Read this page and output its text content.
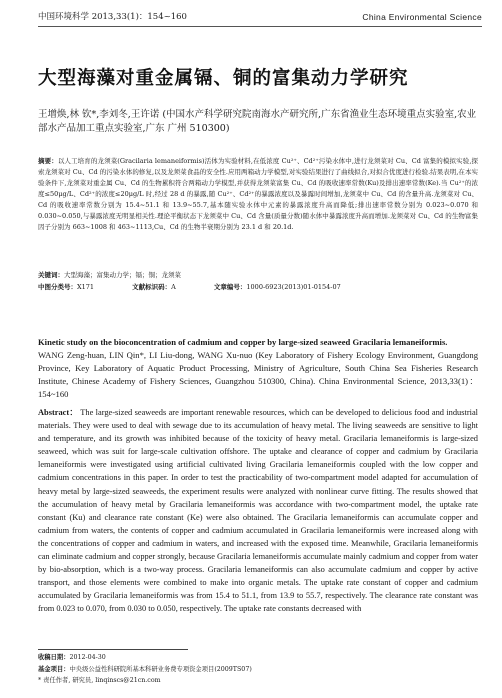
中国环境科学 2013,33(1)：154~160	China Environmental Science
大型海藻对重金属镉、铜的富集动力学研究
王增焕,林 钦*,李刘冬,王许诺 (中国水产科学研究院南海水产研究所,广东省渔业生态环境重点实验室,农业部水产品加工重点实验室,广东 广州 510300)
摘要：以人工培育的龙须菜(Gracilaria lemaneiformis)活体为实验材料,在低浓度 Cu²⁺、Cd²⁺污染水体中,进行龙须菜对 Cu、Cd 富集的模拟实验,探索龙须菜对 Cu、Cd 的污染水体的修复,以及龙须菜食品的安全性.应用两箱动力学模型,对实验结果进行了曲线拟合,对拟合优度进行检验.结果表明,在本实验条件下,龙须菜对重金属 Cu、Cd 的生物累积符合两箱动力学模型,并获得龙须菜富集 Cu、Cd 的吸收速率常数(Ku)及排出速率常数(Ke).当 Cu²⁺的浓度≤50μg/L、Cd²⁺的浓度≤20μg/L 时,经过 28 d 的暴露,随 Cu²⁺、Cd²⁺的暴露浓度以及暴露时间增加,龙须菜中 Cu、Cd 的含量升高.龙须菜对 Cu、Cd 的吸收速率常数分别为 15.4~51.1 和 13.9~55.7,基本随实验水体中元素的暴露浓度升高而降低;排出速率常数分别为 0.023~0.070 和 0.030~0.050,与暴露浓度无明显相关性.理论平衡状态下龙须菜中 Cu、Cd 含量(质量分数)随水体中暴露浓度升高而增加.龙须菜对 Cu、Cd 的生物富集因子分别为 663~1008 和 463~1113,Cu、Cd 的生物半衰期分别为 23.1 d 和 20.1d.
关键词：大型海藻；富集动力学；镉；铜；龙须菜
中图分类号：X171	文献标识码：A	文章编号：1000-6923(2013)01-0154-07
Kinetic study on the bioconcentration of cadmium and copper by large-sized seaweed Gracilaria lemaneiformis.
WANG Zeng-huan, LIN Qin*, LI Liu-dong, WANG Xu-nuo (Key Laboratory of Fishery Ecology Environment, Guangdong Province, Key Laboratory of Aquatic Product Processing, Ministry of Agriculture, South China Sea Fisheries Research Institute, Chinese Academy of Fishery Sciences, Guangzhou 510300, China). China Environmental Science, 2013,33(1)：154~160
Abstract： The large-sized seaweeds are important renewable resources, which can be developed to delicious food and industrial materials. They were used to deal with sewage due to its accumulation of heavy metal. The living seaweeds are sensitive to light and temperature, and its growth was inhibited because of the toxicity of heavy metal. Gracilaria lemaneiformis is large-sized seaweed, which was suit for large-scale cultivation offshore. The uptake and clearance of copper and cadmium by Gracilaria lemaneiformis were investigated using artificial cultivated living Gracilaria lemaneiformis coupled with the low copper and cadmium concentrations in this paper. In order to test the practicability of two-compartment model adapted for accumulation of heavy metal by large-sized seaweeds, the experiment results were analyzed with nonlinear curve fitting. The results showed that the accumulation of heavy metal by Gracilaria lemaneiformis was accordance with two-compartment model, the uptake rate constant (Ku) and clearance rate constant (Ke) were also obtained. The Gracilaria lemaneiformis can accumulate copper and cadmium from waters, the contents of copper and cadmium accumulated in Gracilaria lemaneiformis were increased along with the concentrations of copper and cadmium in waters, and increased with the exposed time. Meanwhile, Gracilaria lemaneiformis can eliminate cadmium and copper strongly, because Gracilaria lemaneiformis accumulate mainly cadmium and copper from water by bio-absorption, which is a two-way process. Gracilaria lemaneiformis can also accumulate cadmium and copper by active transport, and those elements were combined to make into organic metals. The uptake rate constant of copper and cadmium accumulated by Gracilaria lemaneiformis was from 15.4 to 51.1, from 13.9 to 55.7, respectively. The clearance rate constant was from 0.023 to 0.070, from 0.030 to 0.050, respectively. The uptake rate constants decreased with
收稿日期：2012-04-30
基金项目：中央级公益性科研院所基本科研业务费专项资金项目(2009TS07)
* 责任作者, 研究员, linqinscs@21cn.com
